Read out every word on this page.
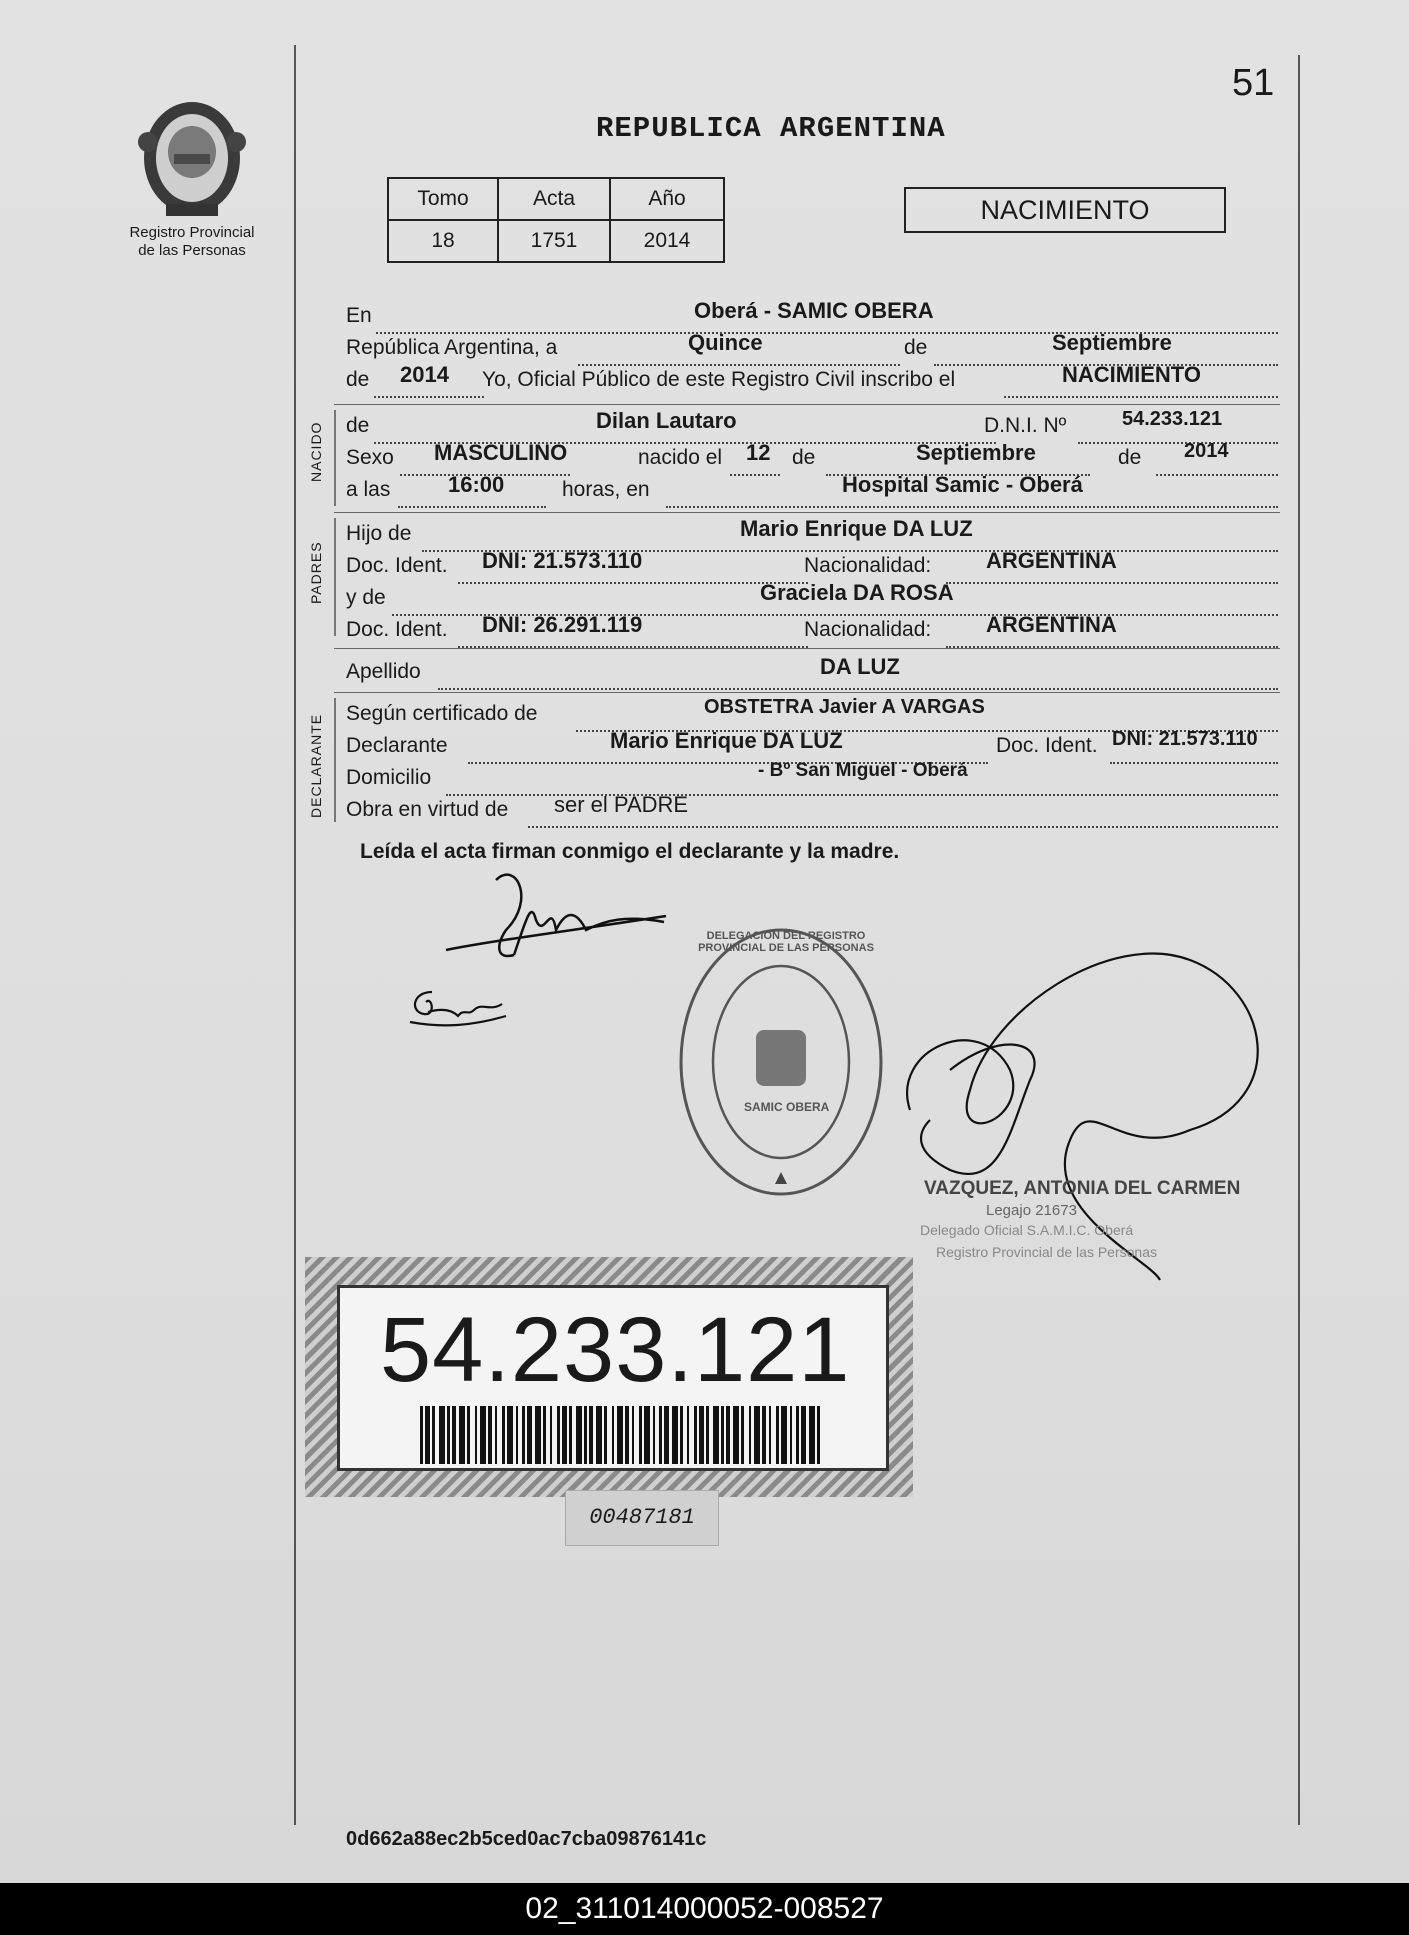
Registro Provincial
de las Personas
51
REPUBLICA ARGENTINA
Tomo	Acta	Año
18	1751	2014
NACIMIENTO
En	Oberá - SAMIC OBERA
República Argentina, a	Quince	de	Septiembre
de 2014 Yo, Oficial Público de este Registro Civil inscribo el	NACIMIENTO
NACIDO de	Dilan Lautaro	D.N.I. Nº	54.233.121
Sexo MASCULINO	nacido el 12 de	Septiembre	de 2014
a las	16:00	horas, en	Hospital Samic - Oberá
PADRES
Hijo de	Mario Enrique DA LUZ
Doc. Ident. DNI: 21.573.110	Nacionalidad: ARGENTINA
y de	Graciela DA ROSA
Doc. Ident. DNI: 26.291.119	Nacionalidad: ARGENTINA
Apellido	DA LUZ
DECLARANTE
Según certificado de	OBSTETRA Javier A VARGAS
Declarante	Mario Enrique DA LUZ	Doc. Ident. DNI: 21.573.110
Domicilio	- Bº San Miguel - Oberá
Obra en virtud de ser el PADRE
Leída el acta firman conmigo el declarante y la madre.
DELEGACION DEL REGISTRO PROVINCIAL DE LAS PERSONAS
SAMIC OBERA
VAZQUEZ, ANTONIA DEL CARMEN
Legajo 21673
Delegado Oficial S.A.M.I.C. Oberá
Registro Provincial de las Personas
54.233.121
00487181
0d662a88ec2b5ced0ac7cba09876141c
02_311014000052-008527
